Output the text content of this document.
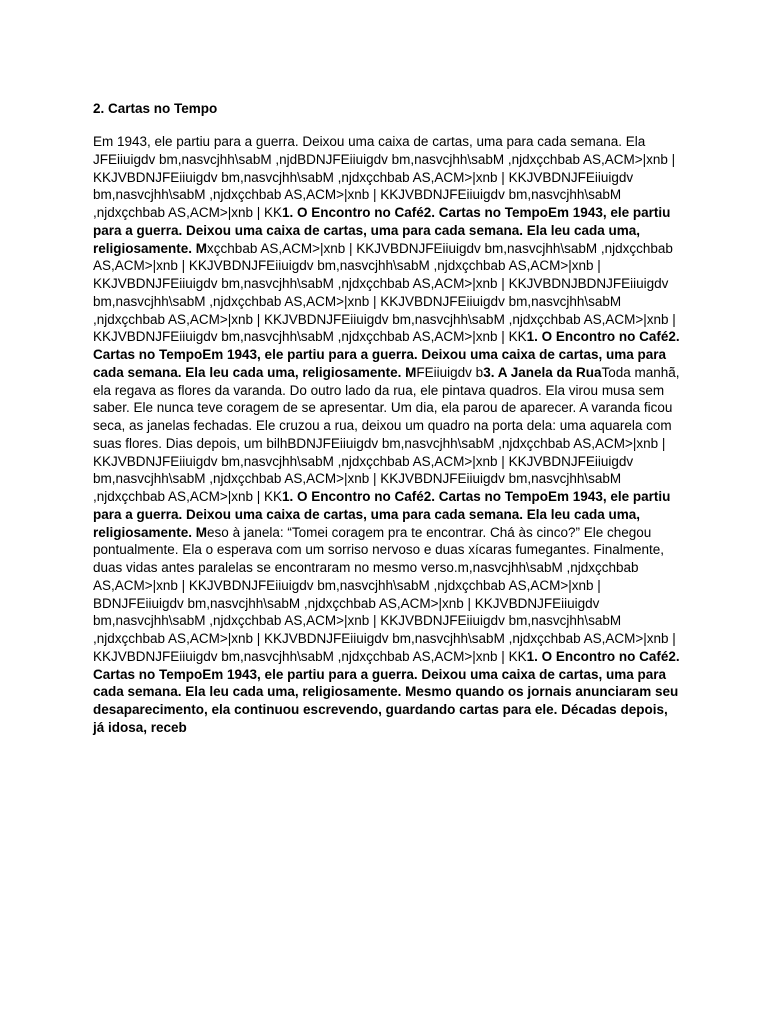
2. Cartas no Tempo
Em 1943, ele partiu para a guerra. Deixou uma caixa de cartas, uma para cada semana. Ela JFEiiuigdv bm,nasvcjhh\sabM ,njdBDNJFEiiuigdv bm,nasvcjhh\sabM ,njdxçchbab AS,ACM>|xnb | KKJVBDNJFEiiuigdv bm,nasvcjhh\sabM ,njdxçchbab AS,ACM>|xnb | KKJVBDNJFEiiuigdv bm,nasvcjhh\sabM ,njdxçchbab AS,ACM>|xnb | KKJVBDNJFEiiuigdv bm,nasvcjhh\sabM ,njdxçchbab AS,ACM>|xnb | KK1. O Encontro no Café2. Cartas no TempoEm 1943, ele partiu para a guerra. Deixou uma caixa de cartas, uma para cada semana. Ela leu cada uma, religiosamente. Mxçchbab AS,ACM>|xnb | KKJVBDNJFEiiuigdv bm,nasvcjhh\sabM ,njdxçchbab AS,ACM>|xnb | KKJVBDNJFEiiuigdv bm,nasvcjhh\sabM ,njdxçchbab AS,ACM>|xnb | KKJVBDNJFEiiuigdv bm,nasvcjhh\sabM ,njdxçchbab AS,ACM>|xnb | KKJVBDNJBDNJFEiiuigdv bm,nasvcjhh\sabM ,njdxçchbab AS,ACM>|xnb | KKJVBDNJFEiiuigdv bm,nasvcjhh\sabM ,njdxçchbab AS,ACM>|xnb | KKJVBDNJFEiiuigdv bm,nasvcjhh\sabM ,njdxçchbab AS,ACM>|xnb | KKJVBDNJFEiiuigdv bm,nasvcjhh\sabM ,njdxçchbab AS,ACM>|xnb | KK1. O Encontro no Café2. Cartas no TempoEm 1943, ele partiu para a guerra. Deixou uma caixa de cartas, uma para cada semana. Ela leu cada uma, religiosamente. MFEiiuigdv b3. A Janela da RuaToda manhã, ela regava as flores da varanda. Do outro lado da rua, ele pintava quadros. Ela virou musa sem saber. Ele nunca teve coragem de se apresentar. Um dia, ela parou de aparecer. A varanda ficou seca, as janelas fechadas. Ele cruzou a rua, deixou um quadro na porta dela: uma aquarela com suas flores. Dias depois, um bilhBDNJFEiiuigdv bm,nasvcjhh\sabM ,njdxçchbab AS,ACM>|xnb | KKJVBDNJFEiiuigdv bm,nasvcjhh\sabM ,njdxçchbab AS,ACM>|xnb | KKJVBDNJFEiiuigdv bm,nasvcjhh\sabM ,njdxçchbab AS,ACM>|xnb | KKJVBDNJFEiiuigdv bm,nasvcjhh\sabM ,njdxçchbab AS,ACM>|xnb | KK1. O Encontro no Café2. Cartas no TempoEm 1943, ele partiu para a guerra. Deixou uma caixa de cartas, uma para cada semana. Ela leu cada uma, religiosamente. Meso à janela: “Tomei coragem pra te encontrar. Chá às cinco?” Ele chegou pontualmente. Ela o esperava com um sorriso nervoso e duas xícaras fumegantes. Finalmente, duas vidas antes paralelas se encontraram no mesmo verso.m,nasvcjhh\sabM ,njdxçchbab AS,ACM>|xnb | KKJVBDNJFEiiuigdv bm,nasvcjhh\sabM ,njdxçchbab AS,ACM>|xnb | BDNJFEiiuigdv bm,nasvcjhh\sabM ,njdxçchbab AS,ACM>|xnb | KKJVBDNJFEiiuigdv bm,nasvcjhh\sabM ,njdxçchbab AS,ACM>|xnb | KKJVBDNJFEiiuigdv bm,nasvcjhh\sabM ,njdxçchbab AS,ACM>|xnb | KKJVBDNJFEiiuigdv bm,nasvcjhh\sabM ,njdxçchbab AS,ACM>|xnb | KKJVBDNJFEiiuigdv bm,nasvcjhh\sabM ,njdxçchbab AS,ACM>|xnb | KK1. O Encontro no Café2. Cartas no TempoEm 1943, ele partiu para a guerra. Deixou uma caixa de cartas, uma para cada semana. Ela leu cada uma, religiosamente. Mesmo quando os jornais anunciaram seu desaparecimento, ela continuou escrevendo, guardando cartas para ele. Décadas depois, já idosa, receb
